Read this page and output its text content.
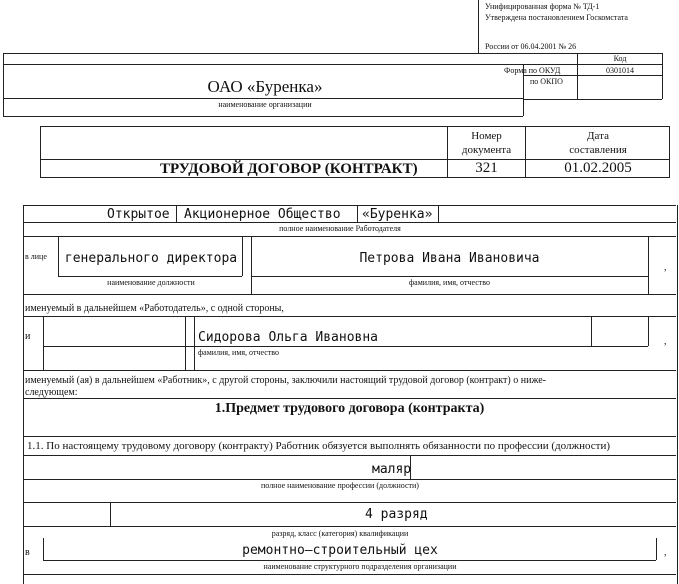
Унифицированная форма № ТД-1
Утверждена постановлением Госкомстата
России от 06.04.2001 № 26
Код
Форма по ОКУД	0301014
по ОКПО
ОАО «Буренка»
наименование организации
Номер документа
Дата составления
ТРУДОВОЙ ДОГОВОР (КОНТРАКТ)	321	01.02.2005
Открытое Акционерное Общество «Буренка»
полное наименование Работодателя
в лице	генерального директора	Петрова Ивана Ивановича
,
наименование должности	фамилия, имя, отчество
именуемый в дальнейшем «Работодатель», с одной стороны,
и	Сидорова Ольга Ивановна	,
фамилия, имя, отчество
именуемый (ая) в дальнейшем «Работник», с другой стороны, заключили настоящий трудовой договор (контракт) о ниже-
следующем:
1.Предмет трудового договора (контракта)
1.1. По настоящему трудовому договору (контракту) Работник обязуется выполнять обязанности по профессии (должности)
маляр
полное наименование профессии (должности)
4 разряд
разряд, класс (категория) квалификации
в	ремонтно–строительный цех	,
наименование структурного подразделения организации
